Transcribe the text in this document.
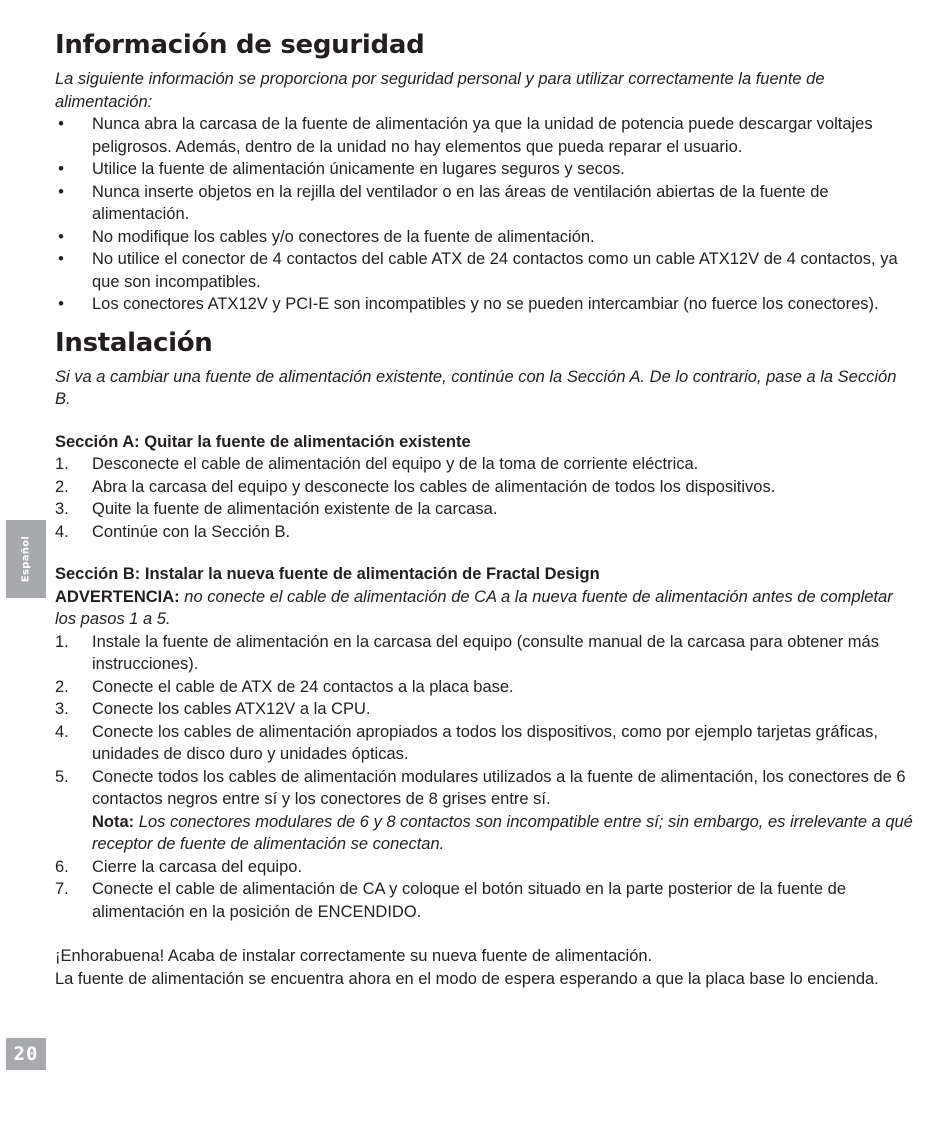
Español
20
Información de seguridad

La siguiente información se proporciona por seguridad personal y para utilizar correctamente la fuente de alimentación:

• Nunca abra la carcasa de la fuente de alimentación ya que la unidad de potencia puede descargar voltajes peligrosos. Además, dentro de la unidad no hay elementos que pueda reparar el usuario.
• Utilice la fuente de alimentación únicamente en lugares seguros y secos.
• Nunca inserte objetos en la rejilla del ventilador o en las áreas de ventilación abiertas de la fuente de alimentación.
• No modifique los cables y/o conectores de la fuente de alimentación.
• No utilice el conector de 4 contactos del cable ATX de 24 contactos como un cable ATX12V de 4 contactos, ya que son incompatibles.
• Los conectores ATX12V y PCI-E son incompatibles y no se pueden intercambiar (no fuerce los conectores).
Instalación

Si va a cambiar una fuente de alimentación existente, continúe con la Sección A. De lo contrario, pase a la Sección B.

Sección A: Quitar la fuente de alimentación existente
1. Desconecte el cable de alimentación del equipo y de la toma de corriente eléctrica.
2. Abra la carcasa del equipo y desconecte los cables de alimentación de todos los dispositivos.
3. Quite la fuente de alimentación existente de la carcasa.
4. Continúe con la Sección B.
Sección B: Instalar la nueva fuente de alimentación de Fractal Design
ADVERTENCIA: no conecte el cable de alimentación de CA a la nueva fuente de alimentación antes de completar los pasos 1 a 5.
1. Instale la fuente de alimentación en la carcasa del equipo (consulte manual de la carcasa para obtener más instrucciones).
2. Conecte el cable de ATX de 24 contactos a la placa base.
3. Conecte los cables ATX12V a la CPU.
4. Conecte los cables de alimentación apropiados a todos los dispositivos, como por ejemplo tarjetas gráficas, unidades de disco duro y unidades ópticas.
5. Conecte todos los cables de alimentación modulares utilizados a la fuente de alimentación, los conectores de 6 contactos negros entre sí y los conectores de 8 grises entre sí.
Nota: Los conectores modulares de 6 y 8 contactos son incompatible entre sí; sin embargo, es irrelevante a qué receptor de fuente de alimentación se conectan.
6. Cierre la carcasa del equipo.
7. Conecte el cable de alimentación de CA y coloque el botón situado en la parte posterior de la fuente de alimentación en la posición de ENCENDIDO.
¡Enhorabuena! Acaba de instalar correctamente su nueva fuente de alimentación.
La fuente de alimentación se encuentra ahora en el modo de espera esperando a que la placa base lo encienda.
